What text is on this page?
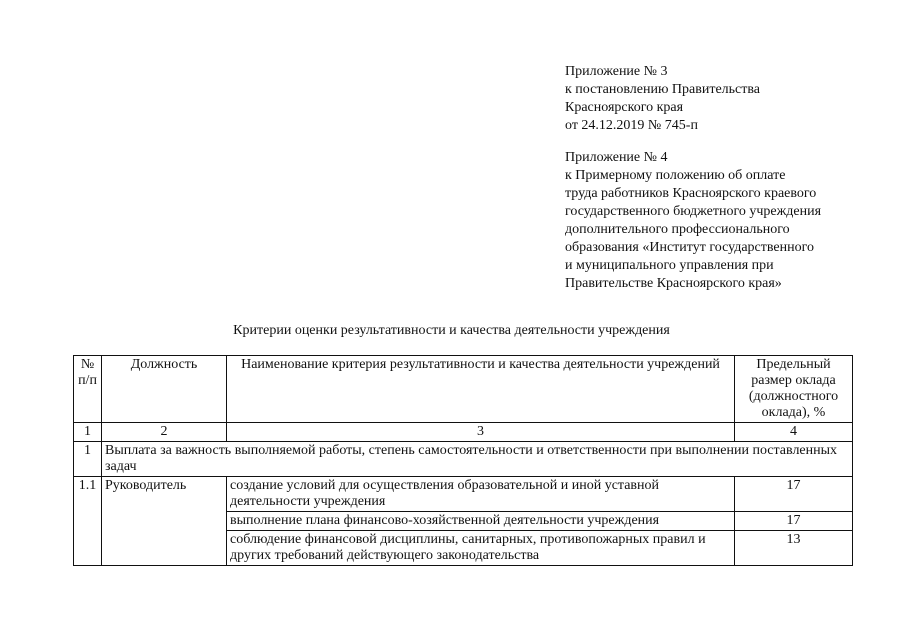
Приложение № 3
к постановлению Правительства
Красноярского края
от 24.12.2019 № 745-п
Приложение № 4
к Примерному положению об оплате
труда работников Красноярского краевого
государственного бюджетного учреждения
дополнительного профессионального
образования «Институт государственного
и муниципального управления при
Правительстве Красноярского края»
Критерии оценки результативности и качества деятельности учреждения
№ п/п	Должность	Наименование критерия результативности и качества деятельности учреждений	Предельный размер оклада (должностного оклада), %
1	2	3	4
1	Выплата за важность выполняемой работы, степень самостоятельности и ответственности при выполнении поставленных задач		
1.1	Руководитель	создание условий для осуществления образовательной и иной уставной деятельности учреждения	17
		выполнение плана финансово-хозяйственной деятельности учреждения	17
		соблюдение финансовой дисциплины, санитарных, противопожарных правил и других требований действующего законодательства	13
